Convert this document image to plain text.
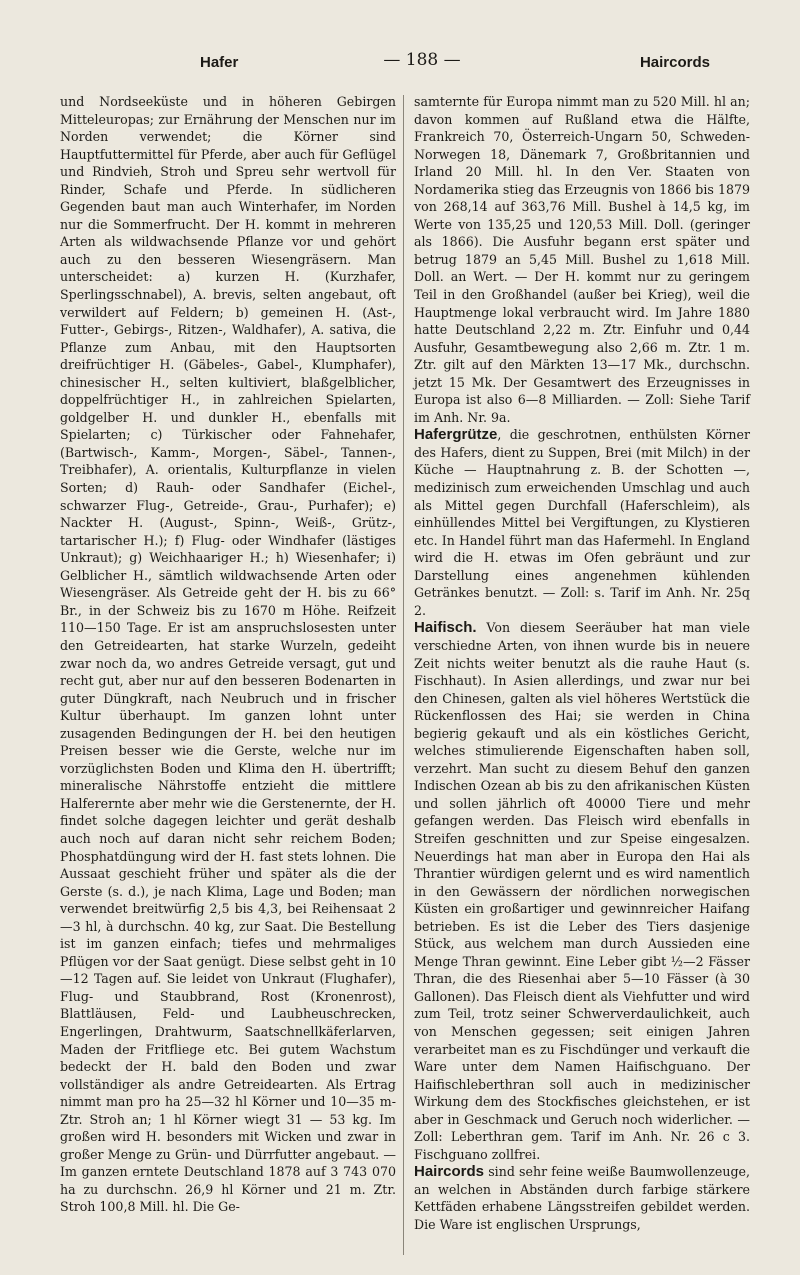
Hafer	— 188 —	Haircords

und Nordseeküste und in höheren Gebirgen Mitteleuropas; zur Ernährung der Menschen nur im Norden verwendet; die Körner sind Hauptfuttermittel für Pferde, aber auch für Geflügel und Rindvieh, Stroh und Spreu sehr wertvoll für Rinder, Schafe und Pferde. In südlicheren Gegenden baut man auch Winterhafer, im Norden nur die Sommerfrucht. Der H. kommt in mehreren Arten als wildwachsende Pflanze vor und gehört auch zu den besseren Wiesengräsern. Man unterscheidet: a) kurzen H. (Kurzhafer, Sperlingsschnabel), A. brevis, selten angebaut, oft verwildert auf Feldern; b) gemeinen H. (Ast-, Futter-, Gebirgs-, Ritzen-, Waldhafer), A. sativa, die Pflanze zum Anbau, mit den Hauptsorten dreifrüchtiger H. (Gäbeles-, Gabel-, Klumphafer), chinesischer H., selten kultiviert, blaßgelblicher, doppelfrüchtiger H., in zahlreichen Spielarten, goldgelber H. und dunkler H., ebenfalls mit Spielarten; c) Türkischer oder Fahnehafer, (Bartwisch-, Kamm-, Morgen-, Säbel-, Tannen-, Treibhafer), A. orientalis, Kulturpflanze in vielen Sorten; d) Rauh- oder Sandhafer (Eichel-, schwarzer Flug-, Getreide-, Grau-, Purhafer); e) Nackter H. (August-, Spinn-, Weiß-, Grütz-, tartarischer H.); f) Flug- oder Windhafer (lästiges Unkraut); g) Weichhaariger H.; h) Wiesenhafer; i) Gelblicher H., sämtlich wildwachsende Arten oder Wiesengräser. Als Getreide geht der H. bis zu 66° Br., in der Schweiz bis zu 1670 m Höhe. Reifzeit 110—150 Tage. Er ist am anspruchslosesten unter den Getreidearten, hat starke Wurzeln, gedeiht zwar noch da, wo andres Getreide versagt, gut und recht gut, aber nur auf den besseren Bodenarten in guter Düngkraft, nach Neubruch und in frischer Kultur überhaupt. Im ganzen lohnt unter zusagenden Bedingungen der H. bei den heutigen Preisen besser wie die Gerste, welche nur im vorzüglichsten Boden und Klima den H. übertrifft; mineralische Nährstoffe entzieht die mittlere Halferernte aber mehr wie die Gerstenernte, der H. findet solche dagegen leichter und gerät deshalb auch noch auf daran nicht sehr reichem Boden; Phosphatdüngung wird der H. fast stets lohnen. Die Aussaat geschieht früher und später als die der Gerste (s. d.), je nach Klima, Lage und Boden; man verwendet breitwürfig 2,5 bis 4,3, bei Reihensaat 2—3 hl, à durchschn. 40 kg, zur Saat. Die Bestellung ist im ganzen einfach; tiefes und mehrmaliges Pflügen vor der Saat genügt. Diese selbst geht in 10—12 Tagen auf. Sie leidet von Unkraut (Flughafer), Flug- und Staubbrand, Rost (Kronenrost), Blattläusen, Feld- und Laubheuschrecken, Engerlingen, Drahtwurm, Saatschnellkäferlarven, Maden der Fritfliege etc. Bei gutem Wachstum bedeckt der H. bald den Boden und zwar vollständiger als andre Getreidearten. Als Ertrag nimmt man pro ha 25—32 hl Körner und 10—35 m-Ztr. Stroh an; 1 hl Körner wiegt 31 — 53 kg. Im großen wird H. besonders mit Wicken und zwar in großer Menge zu Grün- und Dürrfutter angebaut. — Im ganzen erntete Deutschland 1878 auf 3 743 070 ha zu durchschn. 26,9 hl Körner und 21 m. Ztr. Stroh 100,8 Mill. hl. Die Ge-

samternte für Europa nimmt man zu 520 Mill. hl an; davon kommen auf Rußland etwa die Hälfte, Frankreich 70, Österreich-Ungarn 50, Schweden-Norwegen 18, Dänemark 7, Großbritannien und Irland 20 Mill. hl. In den Ver. Staaten von Nordamerika stieg das Erzeugnis von 1866 bis 1879 von 268,14 auf 363,76 Mill. Bushel à 14,5 kg, im Werte von 135,25 und 120,53 Mill. Doll. (geringer als 1866). Die Ausfuhr begann erst später und betrug 1879 an 5,45 Mill. Bushel zu 1,618 Mill. Doll. an Wert. — Der H. kommt nur zu geringem Teil in den Großhandel (außer bei Krieg), weil die Hauptmenge lokal verbraucht wird. Im Jahre 1880 hatte Deutschland 2,22 m. Ztr. Einfuhr und 0,44 Ausfuhr, Gesamtbewegung also 2,66 m. Ztr. 1 m. Ztr. gilt auf den Märkten 13—17 Mk., durchschn. jetzt 15 Mk. Der Gesamtwert des Erzeugnisses in Europa ist also 6—8 Milliarden. — Zoll: Siehe Tarif im Anh. Nr. 9a.

Hafergrütze, die geschrotnen, enthülsten Körner des Hafers, dient zu Suppen, Brei (mit Milch) in der Küche — Hauptnahrung z. B. der Schotten —, medizinisch zum erweichenden Umschlag und auch als Mittel gegen Durchfall (Haferschleim), als einhüllendes Mittel bei Vergiftungen, zu Klystieren etc. In Handel führt man das Hafermehl. In England wird die H. etwas im Ofen gebräunt und zur Darstellung eines angenehmen kühlenden Getränkes benutzt. — Zoll: s. Tarif im Anh. Nr. 25q 2.

Haifisch. Von diesem Seeräuber hat man viele verschiedne Arten, von ihnen wurde bis in neuere Zeit nichts weiter benutzt als die rauhe Haut (s. Fischhaut). In Asien allerdings, und zwar nur bei den Chinesen, galten als viel höheres Wertstück die Rückenflossen des Hai; sie werden in China begierig gekauft und als ein köstliches Gericht, welches stimulierende Eigenschaften haben soll, verzehrt. Man sucht zu diesem Behuf den ganzen Indischen Ozean ab bis zu den afrikanischen Küsten und sollen jährlich oft 40000 Tiere und mehr gefangen werden. Das Fleisch wird ebenfalls in Streifen geschnitten und zur Speise eingesalzen. Neuerdings hat man aber in Europa den Hai als Thrantier würdigen gelernt und es wird namentlich in den Gewässern der nördlichen norwegischen Küsten ein großartiger und gewinnreicher Haifang betrieben. Es ist die Leber des Tiers dasjenige Stück, aus welchem man durch Aussieden eine Menge Thran gewinnt. Eine Leber gibt ½—2 Fässer Thran, die des Riesenhai aber 5—10 Fässer (à 30 Gallonen). Das Fleisch dient als Viehfutter und wird zum Teil, trotz seiner Schwerverdaulichkeit, auch von Menschen gegessen; seit einigen Jahren verarbeitet man es zu Fischdünger und verkauft die Ware unter dem Namen Haifischguano. Der Haifischleberthran soll auch in medizinischer Wirkung dem des Stockfisches gleichstehen, er ist aber in Geschmack und Geruch noch widerlicher. — Zoll: Leberthran gem. Tarif im Anh. Nr. 26 c 3. Fischguano zollfrei.

Haircords sind sehr feine weiße Baumwollenzeuge, an welchen in Abständen durch farbige stärkere Kettfäden erhabene Längsstreifen gebildet werden. Die Ware ist englischen Ursprungs,
